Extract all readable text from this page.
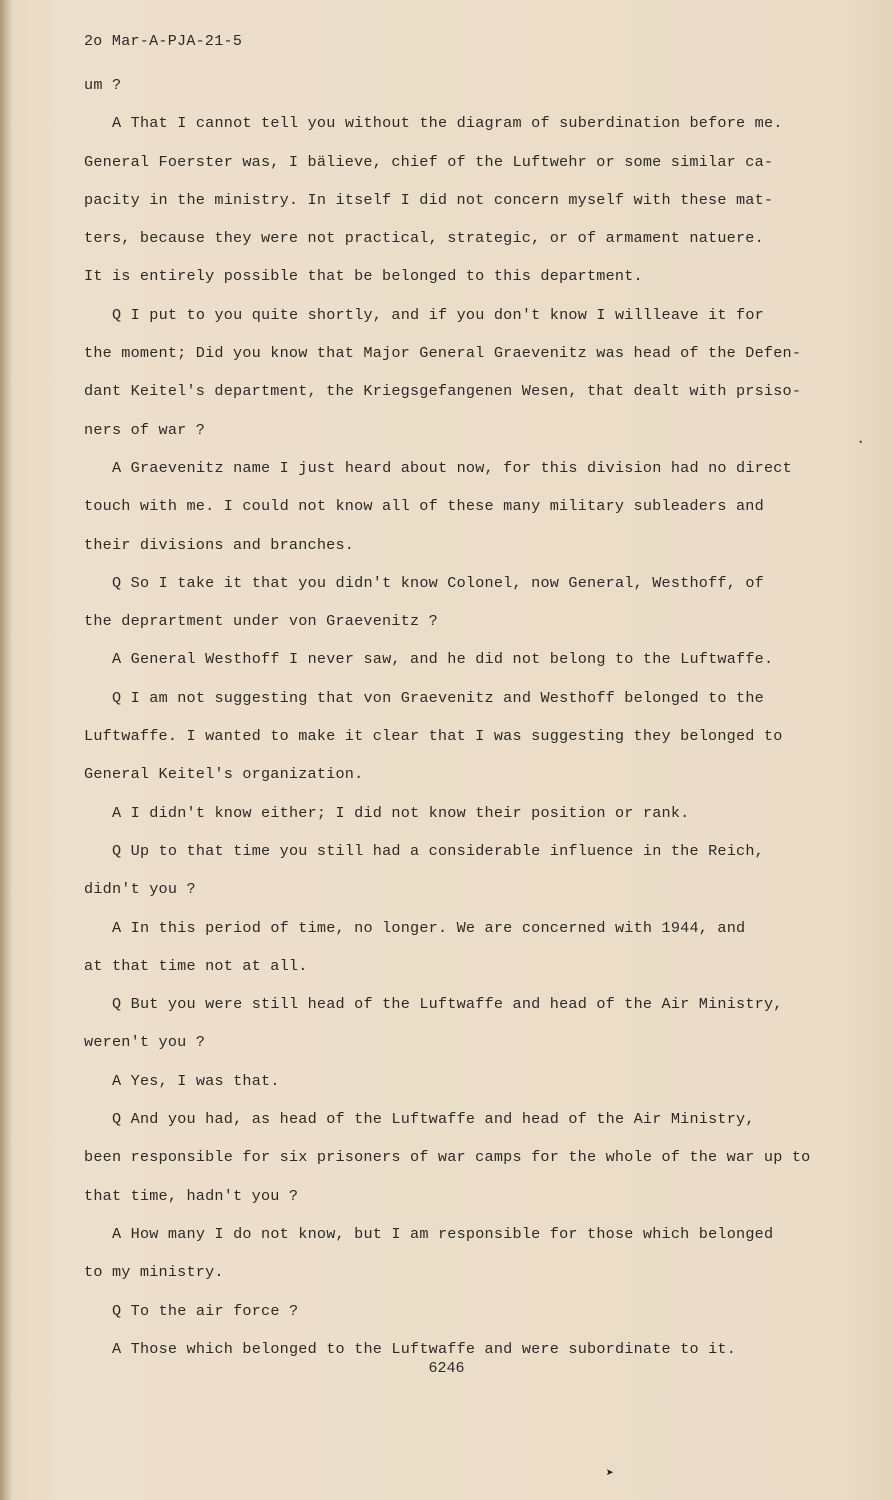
2o Mar-A-PJA-21-5
um ?
A That I cannot tell you without the diagram of suberdination before me.
General Foerster was, I bälieve, chief of the Luftwehr or some similar ca-
pacity in the ministry. In itself I did not concern myself with these mat-
ters, because they were not practical, strategic, or of armament natuere.
It is entirely possible that be belonged to this department.
Q I put to you quite shortly, and if you don't know I willleave it for
the moment; Did you know that Major General Graevenitz was head of the Defen-
dant Keitel's department, the Kriegsgefangenen Wesen, that dealt with prsiso-
ners of war ?
A Graevenitz name I just heard about now, for this division had no direct
touch with me. I could not know all of these many military subleaders and
their divisions and branches.
Q So I take it that you didn't know Colonel, now General, Westhoff, of
the deprartment under von Graevenitz ?
A General Westhoff I never saw, and he did not belong to the Luftwaffe.
Q I am not suggesting that von Graevenitz and Westhoff belonged to the
Luftwaffe. I wanted to make it clear that I was suggesting they belonged to
General Keitel's organization.
A I didn't know either; I did not know their position or rank.
Q Up to that time you still had a considerable influence in the Reich,
didn't you ?
A In this period of time, no longer. We are concerned with 1944, and
at that time not at all.
Q But you were still head of the Luftwaffe and head of the Air Ministry,
weren't you ?
A Yes, I was that.
Q And you had, as head of the Luftwaffe and head of the Air Ministry,
been responsible for six prisoners of war camps for the whole of the war up to
that time, hadn't you ?
A How many I do not know, but I am responsible for those which belonged
to my ministry.
Q To the air force ?
A Those which belonged to the Luftwaffe and were subordinate to it.
6246
➤
•
